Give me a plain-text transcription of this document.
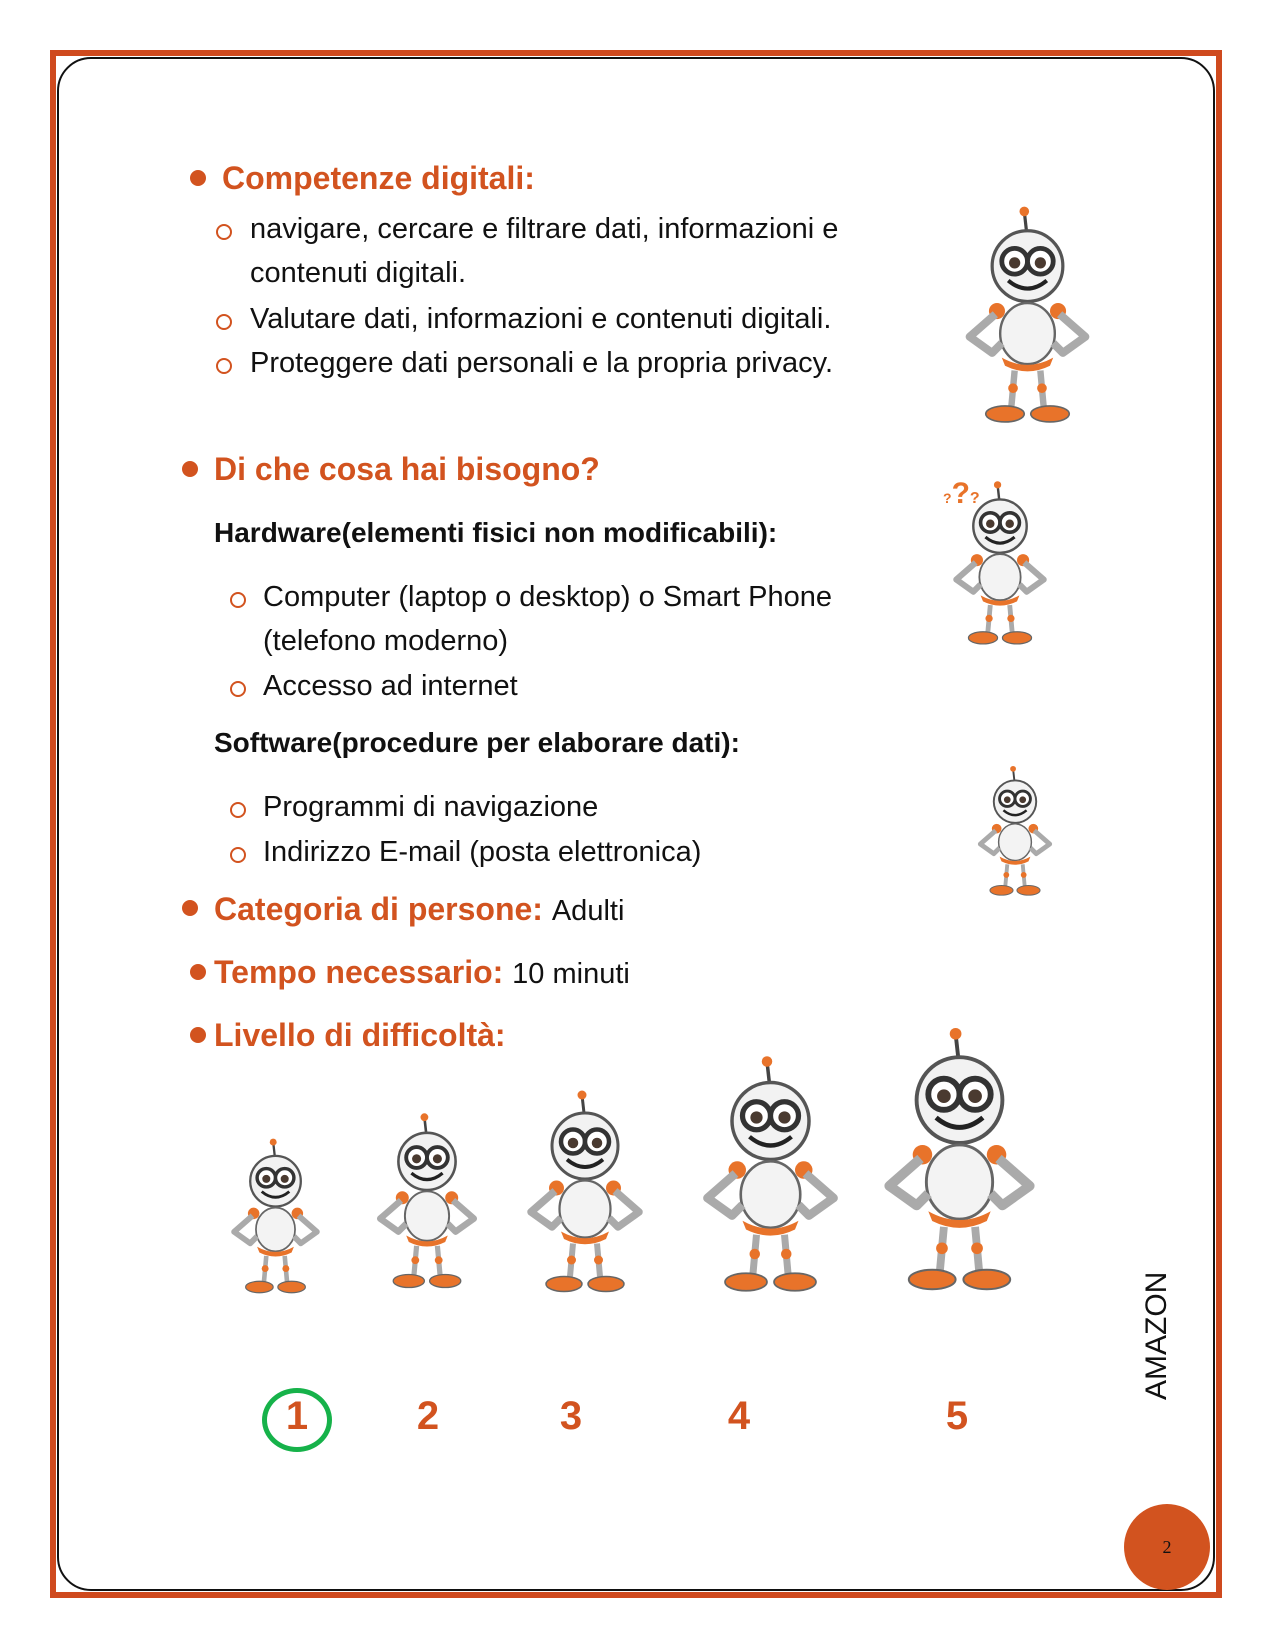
Competenze digitali:
navigare, cercare e filtrare dati, informazioni e
contenuti digitali.
Valutare dati, informazioni e contenuti digitali.
Proteggere dati personali e la propria privacy.
Di che cosa hai bisogno?
Hardware(elementi fisici non modificabili):
Computer (laptop o desktop) o Smart Phone
(telefono moderno)
Accesso ad internet
Software(procedure per elaborare dati):
Programmi di navigazione
Indirizzo E-mail (posta elettronica)
???
Categoria di persone: Adulti
Tempo necessario: 10 minuti
Livello di difficoltà:
1	2	3	4	5
AMAZON
2
